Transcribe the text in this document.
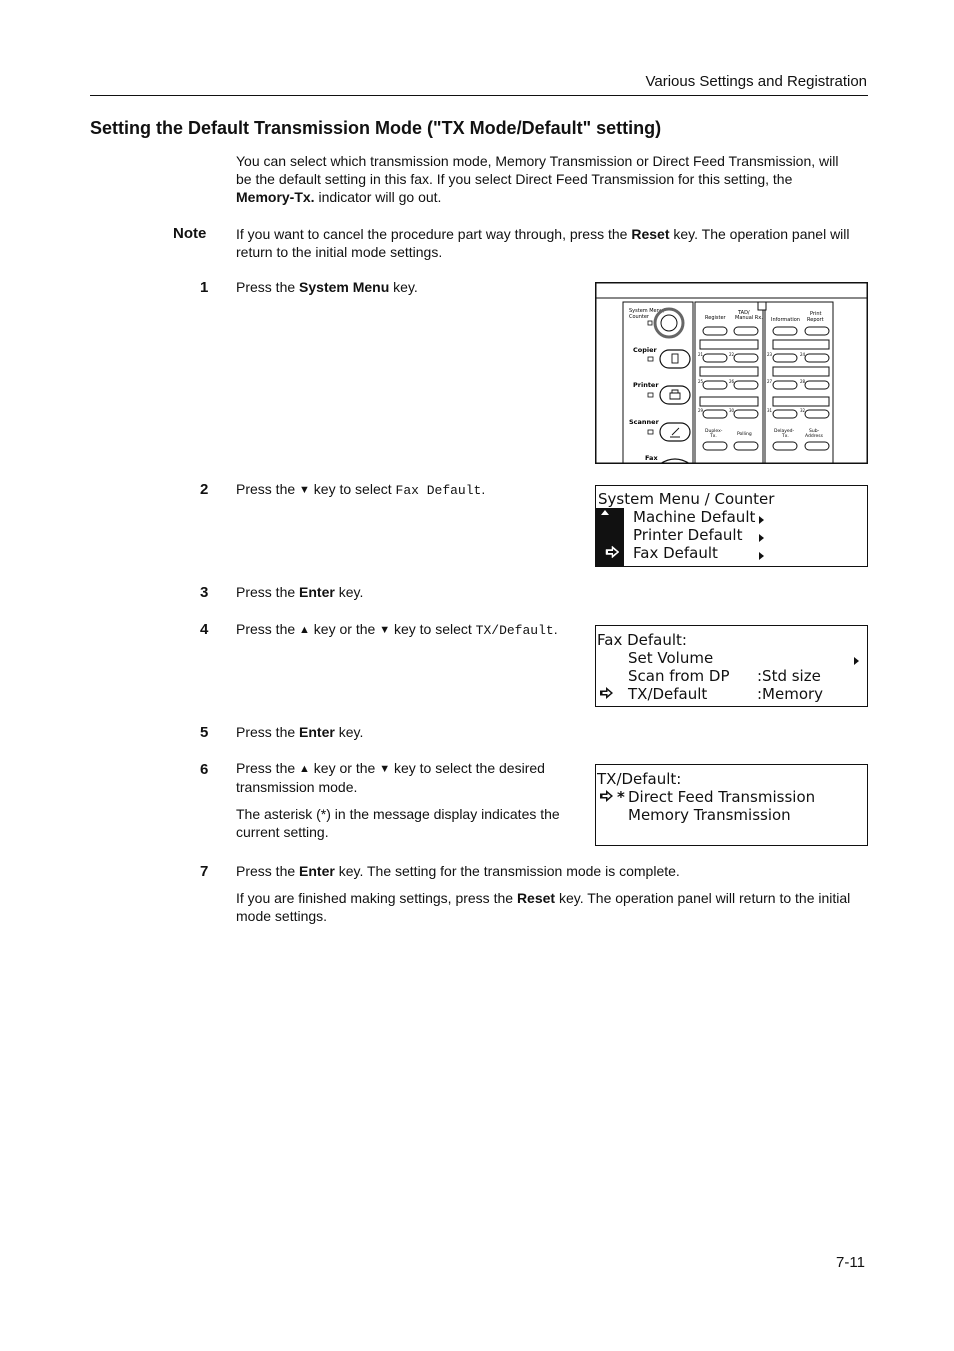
Various Settings and Registration
Setting the Default Transmission Mode ("TX Mode/Default" setting)
You can select which transmission mode, Memory Transmission or Direct Feed Transmission, will
be the default setting in this fax. If you select Direct Feed Transmission for this setting, the
Memory-Tx. indicator will go out.
Note If you want to cancel the procedure part way through, press the Reset key. The operation panel will
return to the initial mode settings.
1 Press the System Menu key.
System Menu/
Counter
Copier
Printer
Scanner
Fax
Register
TAD/
Manual Rx. Information
Print
Report
21	22	23	24
25	26	27	28
29	30	31	32
Duplex-
Tx.	Polling
Delayed-
Tx.
Sub-
Address
2 Press the ▼ key to select Fax Default.
System Menu / Counter
Machine Default
Printer Default
Fax Default
3 Press the Enter key.
4 Press the ▲ key or the ▼ key to select TX/Default.
Fax Default:
Set Volume
Scan from DP :Std size
TX/Default	:Memory
5 Press the Enter key.
6 Press the ▲ key or the ▼ key to select the desired
transmission mode.
The asterisk (*) in the message display indicates the
current setting.
TX/Default:
* Direct Feed Transmission
Memory Transmission
7 Press the Enter key. The setting for the transmission mode is complete.
If you are finished making settings, press the Reset key. The operation panel will return to the initial
mode settings.
7-11
